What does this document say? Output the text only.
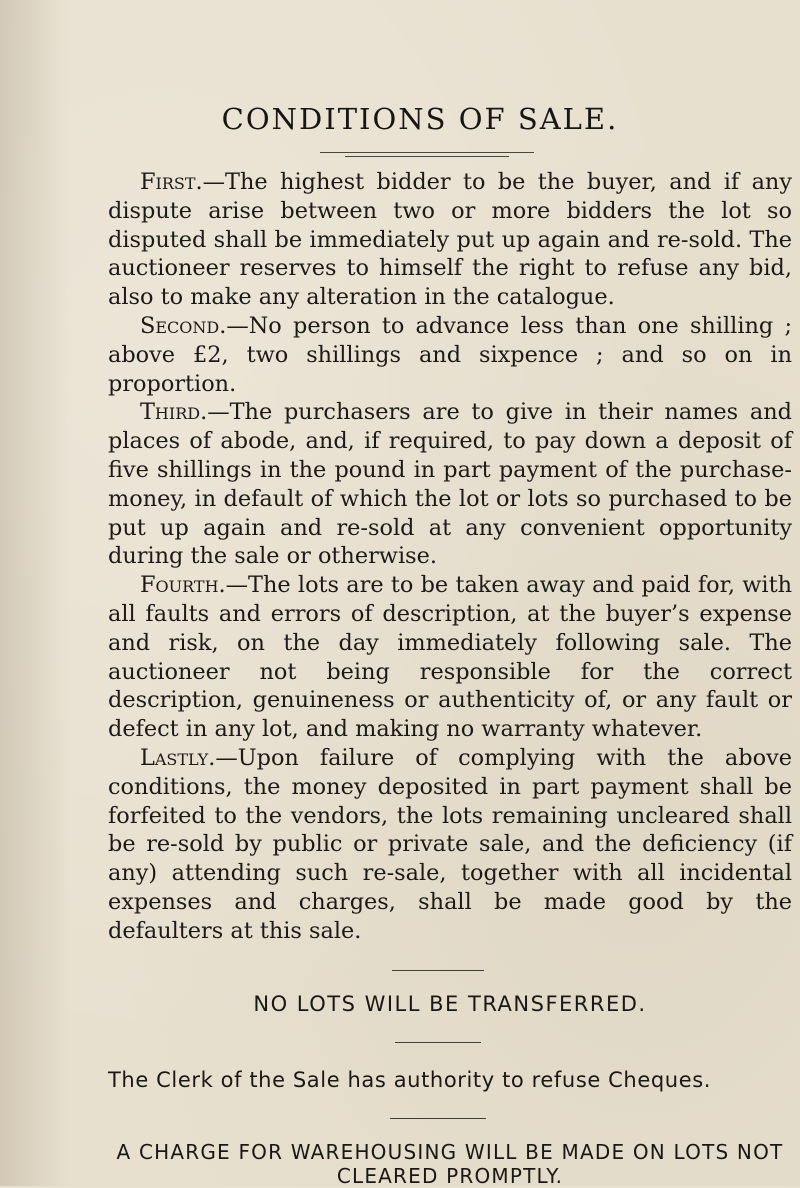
CONDITIONS OF SALE.

First.—The highest bidder to be the buyer, and if any dispute arise between two or more bidders the lot so disputed shall be immediately put up again and re-sold. The auctioneer reserves to himself the right to refuse any bid, also to make any alteration in the catalogue.

Second.—No person to advance less than one shilling ; above £2, two shillings and sixpence ; and so on in proportion.

Third.—The purchasers are to give in their names and places of abode, and, if required, to pay down a deposit of five shillings in the pound in part payment of the purchase-money, in default of which the lot or lots so purchased to be put up again and re-sold at any convenient opportunity during the sale or otherwise.

Fourth.—The lots are to be taken away and paid for, with all faults and errors of description, at the buyer’s expense and risk, on the day immediately following sale. The auctioneer not being responsible for the correct description, genuineness or authenticity of, or any fault or defect in any lot, and making no warranty whatever.

Lastly.—Upon failure of complying with the above conditions, the money deposited in part payment shall be forfeited to the vendors, the lots remaining uncleared shall be re-sold by public or private sale, and the deficiency (if any) attending such re-sale, together with all incidental expenses and charges, shall be made good by the defaulters at this sale.

NO LOTS WILL BE TRANSFERRED.

The Clerk of the Sale has authority to refuse Cheques.

A CHARGE FOR WAREHOUSING WILL BE MADE ON LOTS NOT CLEARED PROMPTLY.
